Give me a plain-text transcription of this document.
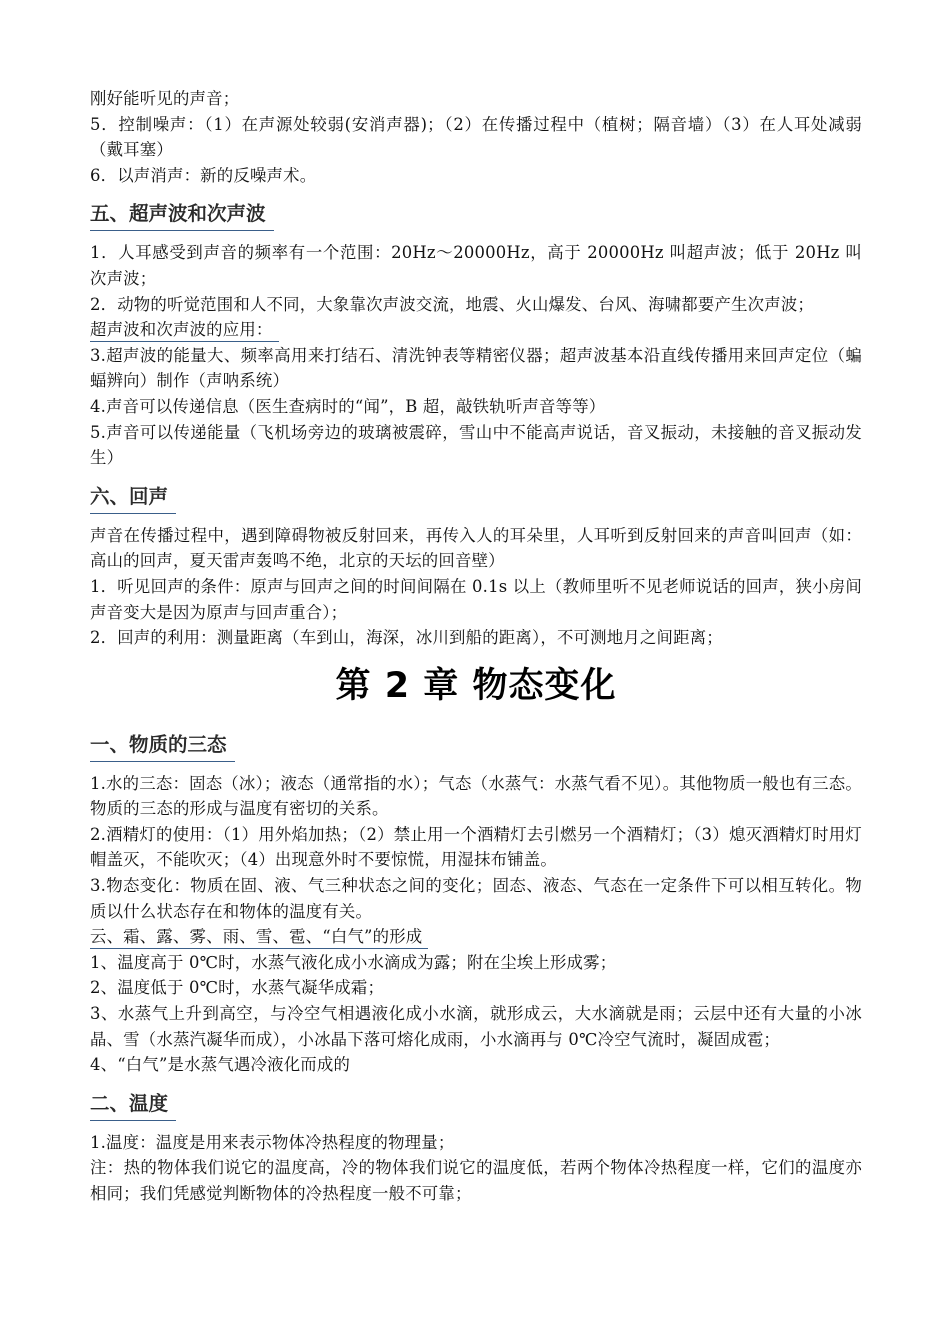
刚好能听见的声音；

5．控制噪声：（1）在声源处较弱(安消声器)；（2）在传播过程中（植树；隔音墙）（3）在人耳处减弱（戴耳塞）

6．以声消声：新的反噪声术。

五、超声波和次声波

1．人耳感受到声音的频率有一个范围：20Hz～20000Hz，高于 20000Hz 叫超声波；低于 20Hz 叫次声波；

2．动物的听觉范围和人不同，大象靠次声波交流，地震、火山爆发、台风、海啸都要产生次声波；

超声波和次声波的应用：

3.超声波的能量大、频率高用来打结石、清洗钟表等精密仪器；超声波基本沿直线传播用来回声定位（蝙蝠辨向）制作（声呐系统）

4.声音可以传递信息（医生查病时的“闻”，B 超，敲铁轨听声音等等）

5.声音可以传递能量（飞机场旁边的玻璃被震碎，雪山中不能高声说话，音叉振动，未接触的音叉振动发生）

六、回声

声音在传播过程中，遇到障碍物被反射回来，再传入人的耳朵里，人耳听到反射回来的声音叫回声（如：高山的回声，夏天雷声轰鸣不绝，北京的天坛的回音壁）

1．听见回声的条件：原声与回声之间的时间间隔在 0.1s 以上（教师里听不见老师说话的回声，狭小房间声音变大是因为原声与回声重合）；

2．回声的利用：测量距离（车到山，海深，冰川到船的距离），不可测地月之间距离；

第 2 章 物态变化
一、物质的三态

1.水的三态：固态（冰）；液态（通常指的水）；气态（水蒸气：水蒸气看不见）。其他物质一般也有三态。物质的三态的形成与温度有密切的关系。

2.酒精灯的使用：（1）用外焰加热；（2）禁止用一个酒精灯去引燃另一个酒精灯；（3）熄灭酒精灯时用灯帽盖灭，不能吹灭；（4）出现意外时不要惊慌，用湿抹布铺盖。

3.物态变化：物质在固、液、气三种状态之间的变化；固态、液态、气态在一定条件下可以相互转化。物质以什么状态存在和物体的温度有关。

云、霜、露、雾、雨、雪、雹、“白气”的形成

1、温度高于 0℃时，水蒸气液化成小水滴成为露；附在尘埃上形成雾；

2、温度低于 0℃时，水蒸气凝华成霜；

3、水蒸气上升到高空，与冷空气相遇液化成小水滴，就形成云，大水滴就是雨；云层中还有大量的小冰晶、雪（水蒸汽凝华而成），小冰晶下落可熔化成雨，小水滴再与 0℃冷空气流时，凝固成雹；

4、“白气”是水蒸气遇冷液化而成的

二、温度

1.温度：温度是用来表示物体冷热程度的物理量；

注：热的物体我们说它的温度高，冷的物体我们说它的温度低，若两个物体冷热程度一样，它们的温度亦相同；我们凭感觉判断物体的冷热程度一般不可靠；
